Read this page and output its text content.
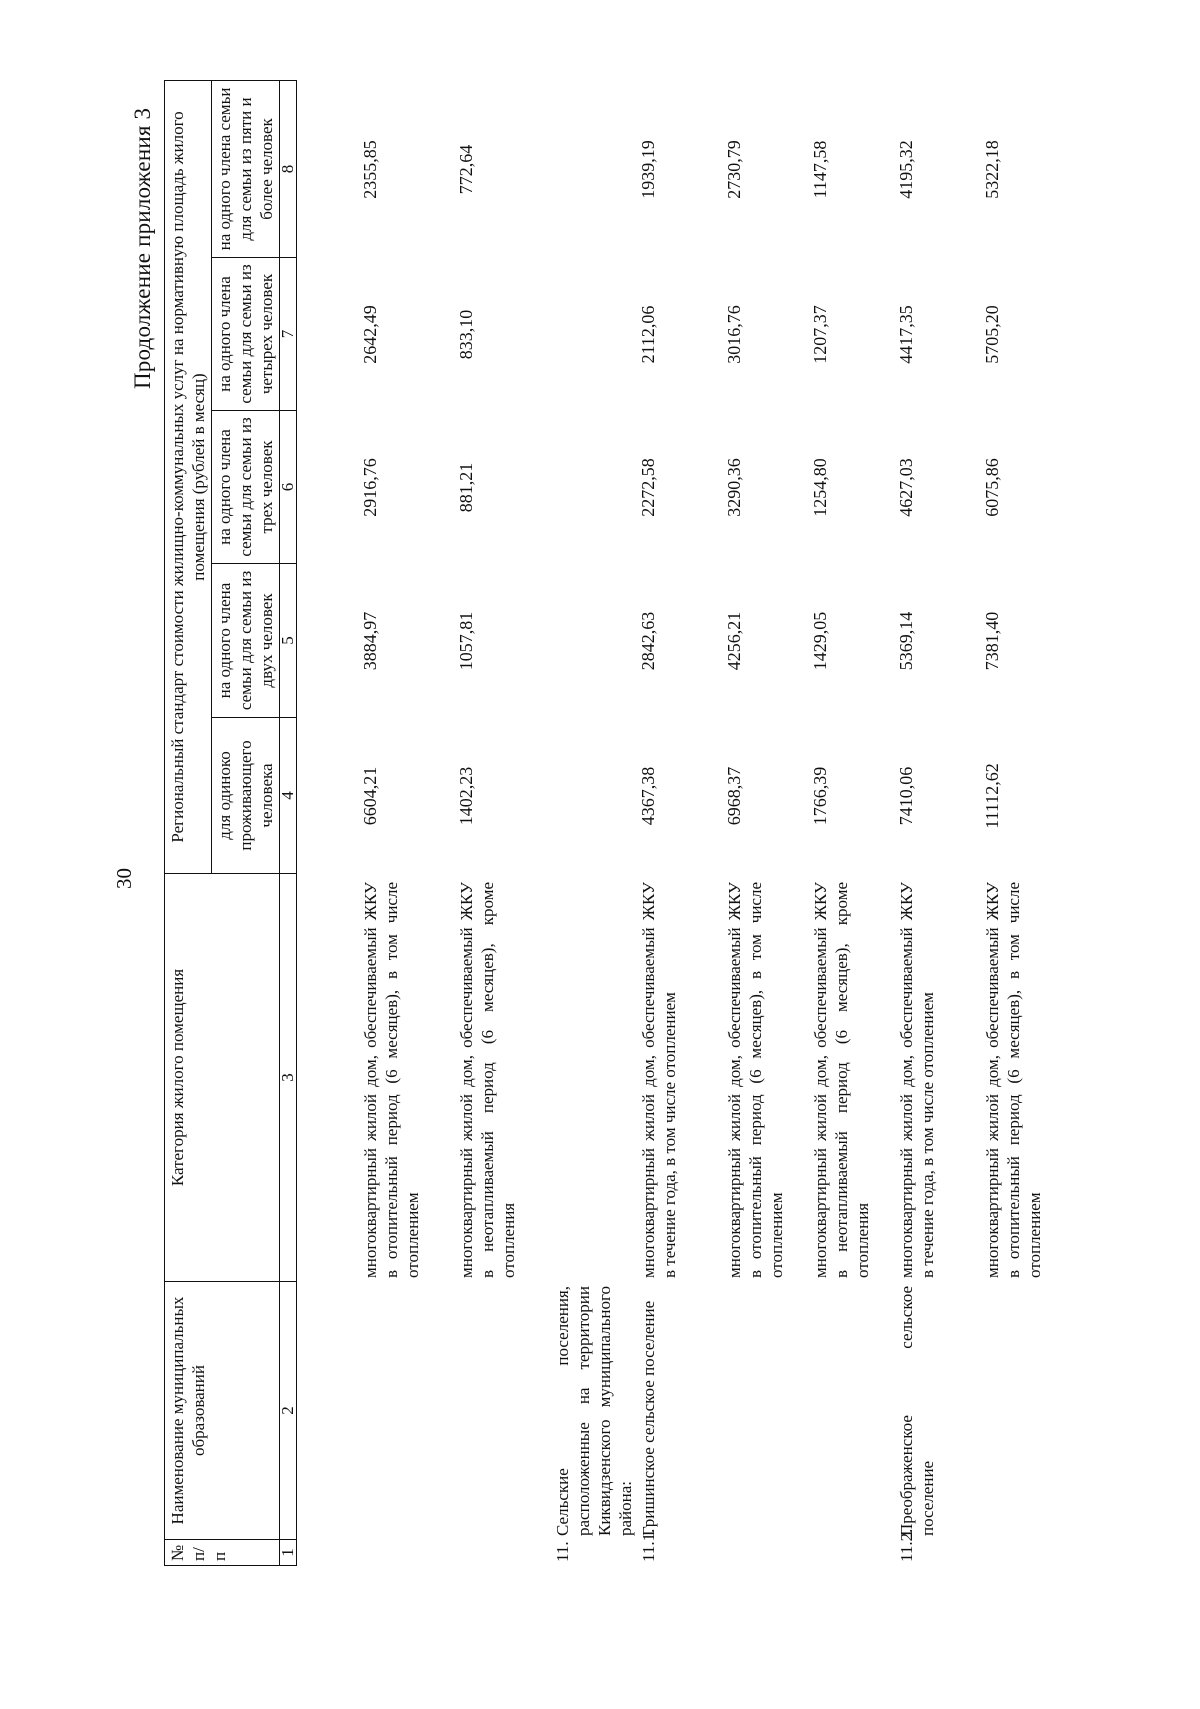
30
Продолжение приложения 3
№ п/п	Наименование муниципальных образований	Категория жилого помещения	Региональный стандарт стоимости жилищно-коммунальных услуг на нормативную площадь жилого помещения (рублей в месяц)				
			для одиноко проживающего человека	на одного члена семьи для семьи из двух человек	на одного члена семьи для семьи из трех человек	на одного члена семьи для семьи из четырех человек	на одного члена семьи для семьи из пяти и более человек
1	2	3	4	5	6	7	8
		многоквартирный жилой дом, обеспечиваемый ЖКУ в отопительный период (6 месяцев), в том числе отоплением	6604,21	3884,97	2916,76	2642,49	2355,85
		многоквартирный жилой дом, обеспечиваемый ЖКУ в неотапливаемый период (6 месяцев), кроме отопления	1402,23	1057,81	881,21	833,10	772,64
11.	Сельские поселения, расположенные на территории Киквидзенского муниципального района:						
11.1.	Гришинское сельское поселение	многоквартирный жилой дом, обеспечиваемый ЖКУ в течение года, в том числе отоплением	4367,38	2842,63	2272,58	2112,06	1939,19
		многоквартирный жилой дом, обеспечиваемый ЖКУ в отопительный период (6 месяцев), в том числе отоплением	6968,37	4256,21	3290,36	3016,76	2730,79
		многоквартирный жилой дом, обеспечиваемый ЖКУ в неотапливаемый период (6 месяцев), кроме отопления	1766,39	1429,05	1254,80	1207,37	1147,58
11.2.	Преображенское сельское поселение	многоквартирный жилой дом, обеспечиваемый ЖКУ в течение года, в том числе отоплением	7410,06	5369,14	4627,03	4417,35	4195,32
		многоквартирный жилой дом, обеспечиваемый ЖКУ в отопительный период (6 месяцев), в том числе отоплением	11112,62	7381,40	6075,86	5705,20	5322,18
